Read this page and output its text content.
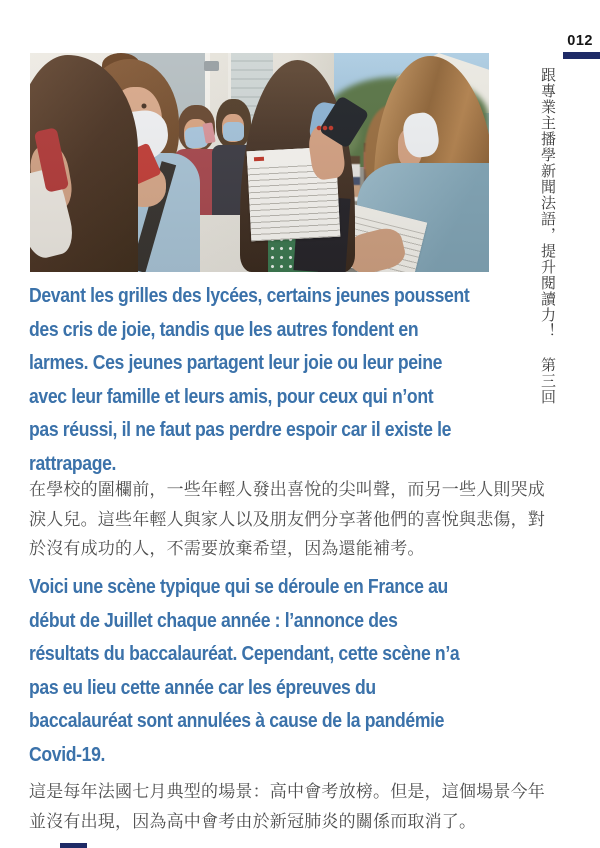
012
跟專業主播學新聞法語，提升閱讀力！ 第三回
Devant les grilles des lycées, certains jeunes poussent
des cris de joie, tandis que les autres fondent en
larmes. Ces jeunes partagent leur joie ou leur peine
avec leur famille et leurs amis, pour ceux qui n’ont
pas réussi, il ne faut pas perdre espoir car il existe le
rattrapage.
在學校的圍欄前，一些年輕人發出喜悅的尖叫聲，而另一些人則哭成
淚人兒。這些年輕人與家人以及朋友們分享著他們的喜悅與悲傷，對
於沒有成功的人，不需要放棄希望，因為還能補考。
Voici une scène typique qui se déroule en France au
début de Juillet chaque année : l’annonce des
résultats du baccalauréat. Cependant, cette scène n’a
pas eu lieu cette année car les épreuves du
baccalauréat sont annulées à cause de la pandémie
Covid-19.
這是每年法國七月典型的場景：高中會考放榜。但是，這個場景今年
並沒有出現，因為高中會考由於新冠肺炎的關係而取消了。
